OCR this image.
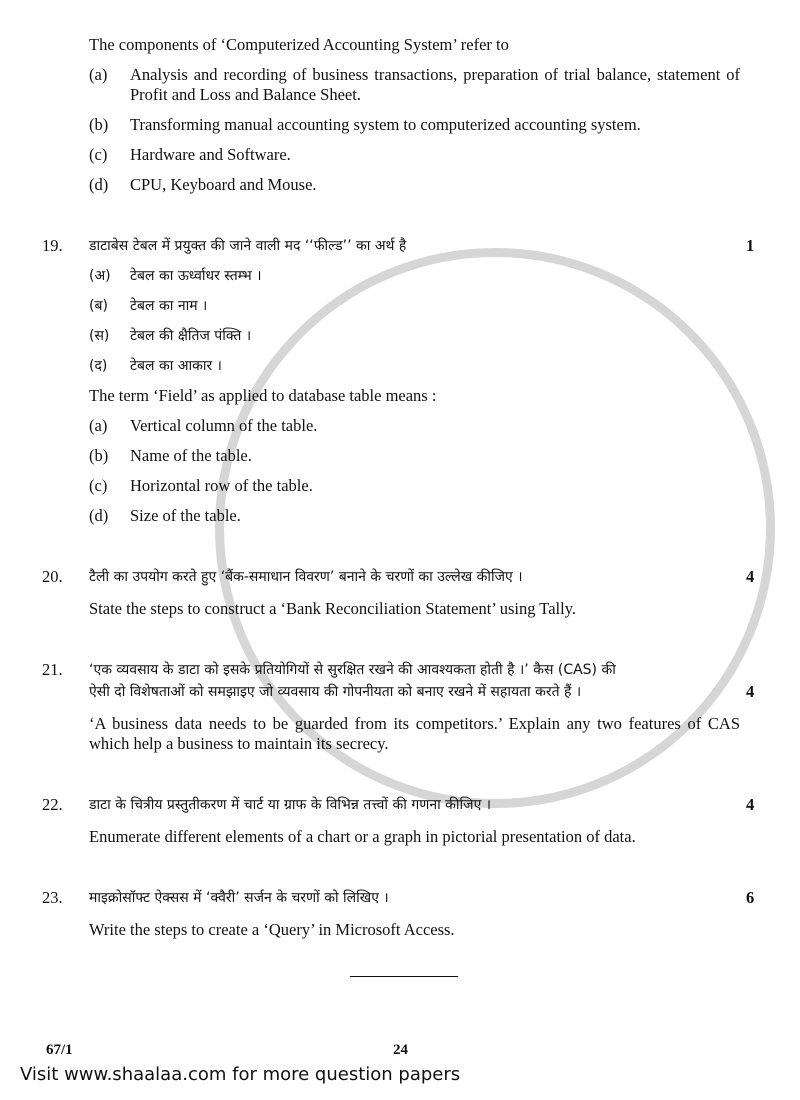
The components of ‘Computerized Accounting System’ refer to
(a)	Analysis and recording of business transactions, preparation of trial balance, statement of Profit and Loss and Balance Sheet.
(b)	Transforming manual accounting system to computerized accounting system.
(c)	Hardware and Software.
(d)	CPU, Keyboard and Mouse.
19.	डाटाबेस टेबल में प्रयुक्त की जाने वाली मद ‘‘फील्ड’’ का अर्थ है	1
(अ)	टेबल का ऊर्ध्वाधर स्तम्भ ।
(ब)	टेबल का नाम ।
(स)	टेबल की क्षैतिज पंक्ति ।
(द)	टेबल का आकार ।
The term ‘Field’ as applied to database table means :
(a)	Vertical column of the table.
(b)	Name of the table.
(c)	Horizontal row of the table.
(d)	Size of the table.
20.	टैली का उपयोग करते हुए ‘बैंक-समाधान विवरण’ बनाने के चरणों का उल्लेख कीजिए ।	4
State the steps to construct a ‘Bank Reconciliation Statement’ using Tally.
21.	‘एक व्यवसाय के डाटा को इसके प्रतियोगियों से सुरक्षित रखने की आवश्यकता होती है ।’ कैस (CAS) की
ऐसी दो विशेषताओं को समझाइए जो व्यवसाय की गोपनीयता को बनाए रखने में सहायता करते हैं ।	4
‘A business data needs to be guarded from its competitors.’ Explain any two features of CAS which help a business to maintain its secrecy.
22.	डाटा के चित्रीय प्रस्तुतीकरण में चार्ट या ग्राफ के विभिन्न तत्त्वों की गणना कीजिए ।	4
Enumerate different elements of a chart or a graph in pictorial presentation of data.
23.	माइक्रोसॉफ्ट ऐक्सस में ‘क्वैरी’ सर्जन के चरणों को लिखिए ।	6
Write the steps to create a ‘Query’ in Microsoft Access.
67/1	24
Visit www.shaalaa.com for more question papers
